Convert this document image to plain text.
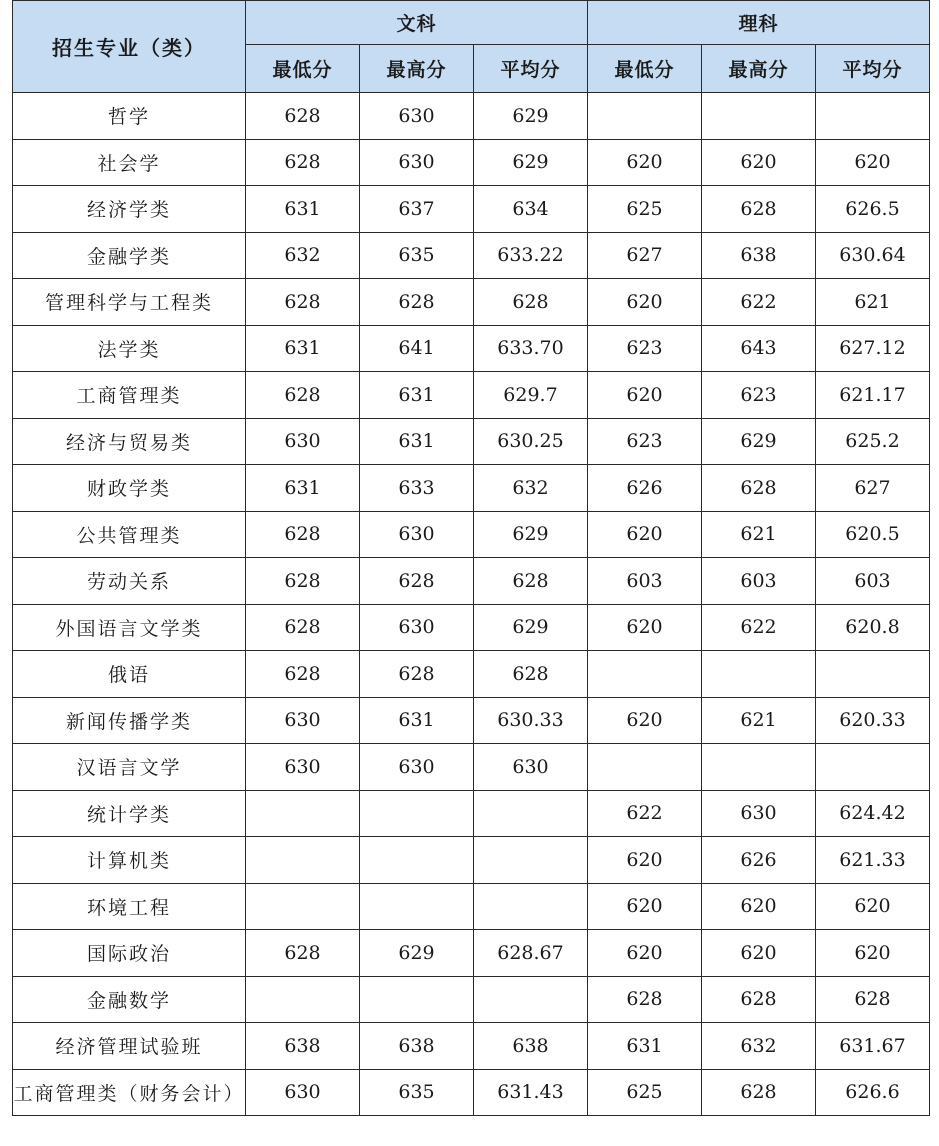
招生专业（类）	文科			理科		
	最低分	最高分	平均分	最低分	最高分	平均分
哲学	628	630	629			
社会学	628	630	629	620	620	620
经济学类	631	637	634	625	628	626.5
金融学类	632	635	633.22	627	638	630.64
管理科学与工程类	628	628	628	620	622	621
法学类	631	641	633.70	623	643	627.12
工商管理类	628	631	629.7	620	623	621.17
经济与贸易类	630	631	630.25	623	629	625.2
财政学类	631	633	632	626	628	627
公共管理类	628	630	629	620	621	620.5
劳动关系	628	628	628	603	603	603
外国语言文学类	628	630	629	620	622	620.8
俄语	628	628	628			
新闻传播学类	630	631	630.33	620	621	620.33
汉语言文学	630	630	630			
统计学类				622	630	624.42
计算机类				620	626	621.33
环境工程				620	620	620
国际政治	628	629	628.67	620	620	620
金融数学				628	628	628
经济管理试验班	638	638	638	631	632	631.67
工商管理类（财务会计）	630	635	631.43	625	628	626.6
